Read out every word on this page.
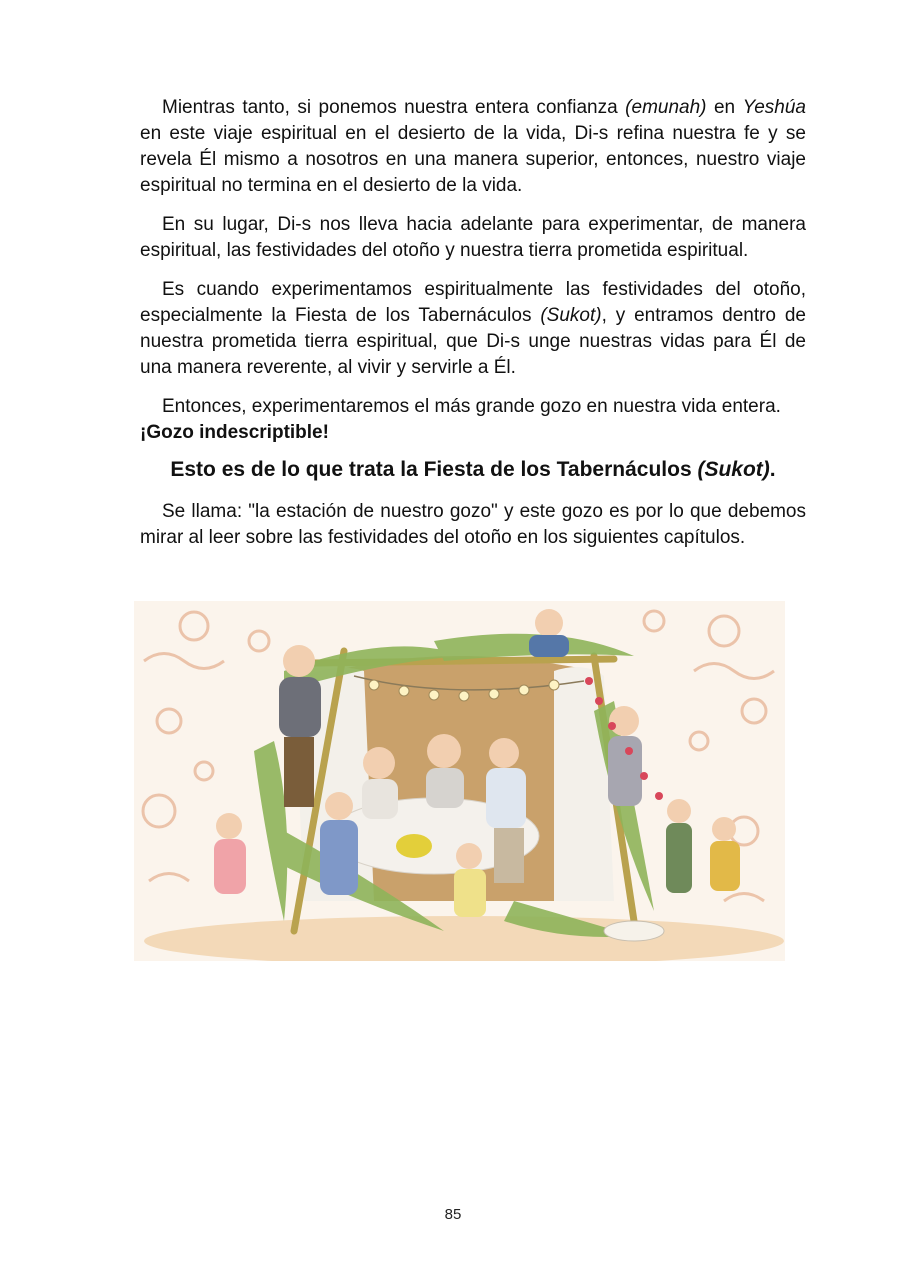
Mientras tanto, si ponemos nuestra entera confianza (emunah) en Yeshúa en este viaje espiritual en el desierto de la vida, Di-s refina nuestra fe y se revela Él mismo a nosotros en una manera superior, entonces, nuestro viaje espiritual no termina en el desierto de la vida.

En su lugar, Di-s nos lleva hacia adelante para experimentar, de manera espiritual, las festividades del otoño y nuestra tierra prometida espiritual.

Es cuando experimentamos espiritualmente las festividades del otoño, especialmente la Fiesta de los Tabernáculos (Sukot), y entramos dentro de nuestra prometida tierra espiritual, que Di-s unge nuestras vidas para Él de una manera reverente, al vivir y servirle a Él.

Entonces, experimentaremos el más grande gozo en nuestra vida entera.
¡Gozo indescriptible!

Esto es de lo que trata la Fiesta de los Tabernáculos (Sukot).

Se llama: "la estación de nuestro gozo" y este gozo es por lo que debemos mirar al leer sobre las festividades del otoño en los siguientes capítulos.

85
